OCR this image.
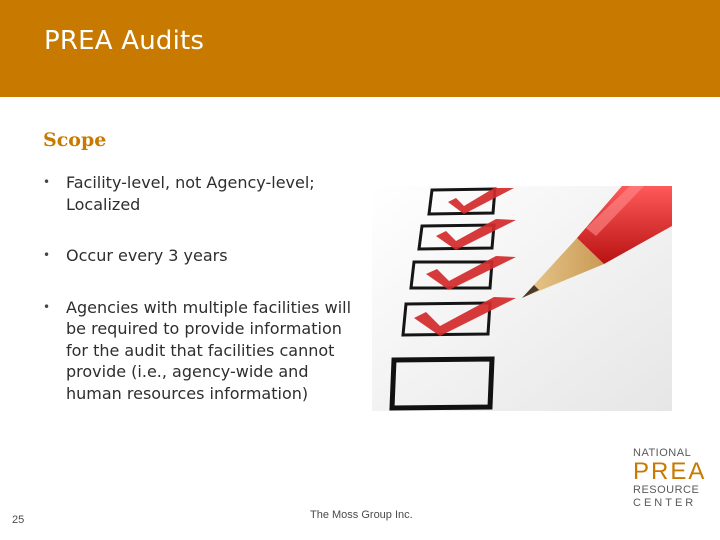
PREA Audits
Scope
• Facility-level, not Agency-level; Localized
• Occur every 3 years
• Agencies with multiple facilities will be required to provide information for the audit that facilities cannot provide (i.e., agency-wide and human resources information)
25	The Moss Group Inc.
NATIONAL
PREA
RESOURCE
CENTER
